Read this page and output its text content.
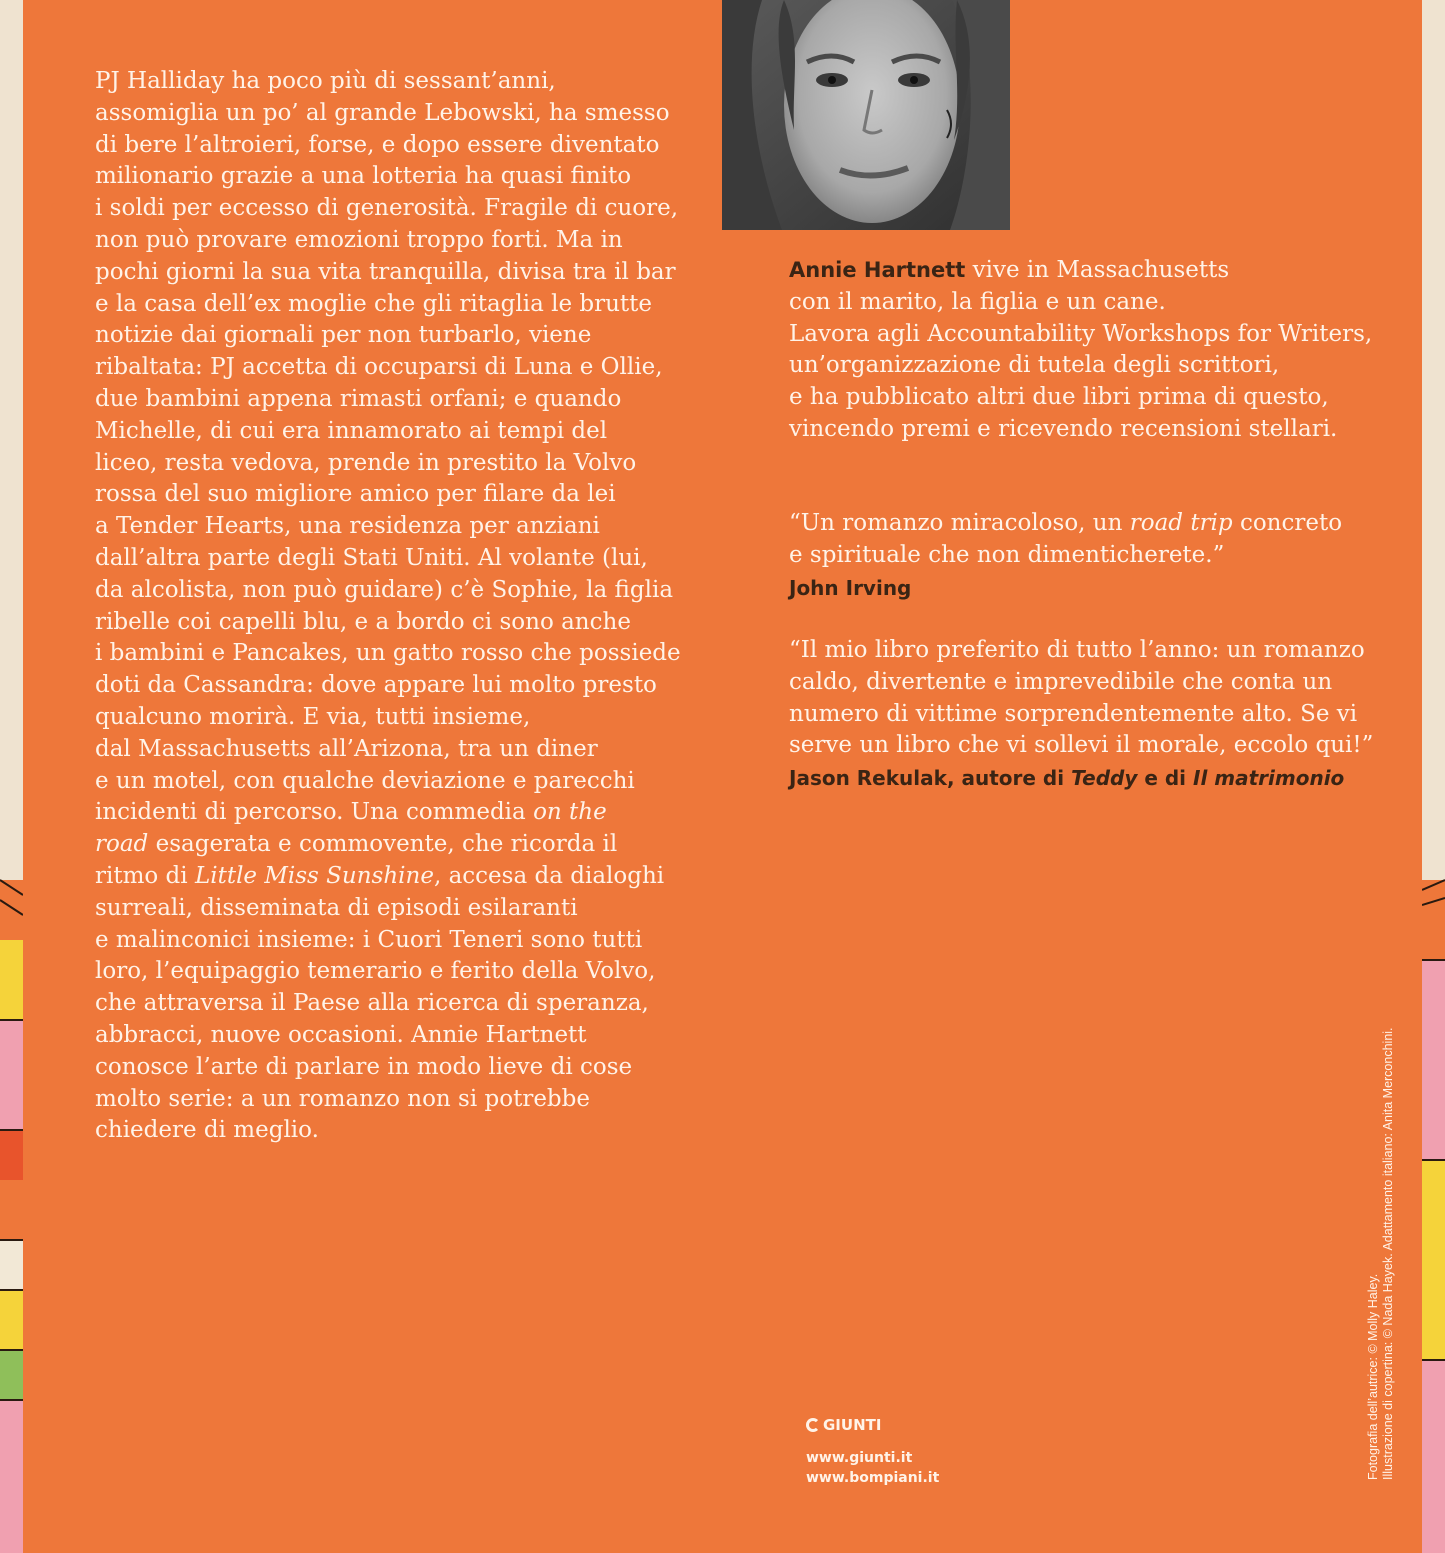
PJ Halliday ha poco più di sessant’anni,

assomiglia un po’ al grande Lebowski, ha smesso

di bere l’altroieri, forse, e dopo essere diventato

milionario grazie a una lotteria ha quasi finito

i soldi per eccesso di generosità. Fragile di cuore,

non può provare emozioni troppo forti. Ma in

pochi giorni la sua vita tranquilla, divisa tra il bar

e la casa dell’ex moglie che gli ritaglia le brutte

notizie dai giornali per non turbarlo, viene

ribaltata: PJ accetta di occuparsi di Luna e Ollie,

due bambini appena rimasti orfani; e quando

Michelle, di cui era innamorato ai tempi del

liceo, resta vedova, prende in prestito la Volvo

rossa del suo migliore amico per filare da lei

a Tender Hearts, una residenza per anziani

dall’altra parte degli Stati Uniti. Al volante (lui,

da alcolista, non può guidare) c’è Sophie, la figlia

ribelle coi capelli blu, e a bordo ci sono anche

i bambini e Pancakes, un gatto rosso che possiede

doti da Cassandra: dove appare lui molto presto

qualcuno morirà. E via, tutti insieme,

dal Massachusetts all’Arizona, tra un diner

e un motel, con qualche deviazione e parecchi

incidenti di percorso. Una commedia on the

road esagerata e commovente, che ricorda il

ritmo di Little Miss Sunshine, accesa da dialoghi

surreali, disseminata di episodi esilaranti

e malinconici insieme: i Cuori Teneri sono tutti

loro, l’equipaggio temerario e ferito della Volvo,

che attraversa il Paese alla ricerca di speranza,

abbracci, nuove occasioni. Annie Hartnett

conosce l’arte di parlare in modo lieve di cose

molto serie: a un romanzo non si potrebbe

chiedere di meglio.

Annie Hartnett vive in Massachusetts

con il marito, la figlia e un cane.

Lavora agli Accountability Workshops for Writers,

un’organizzazione di tutela degli scrittori,

e ha pubblicato altri due libri prima di questo,

vincendo premi e ricevendo recensioni stellari.

“Un romanzo miracoloso, un road trip concreto

e spirituale che non dimenticherete.”

John Irving

“Il mio libro preferito di tutto l’anno: un romanzo

caldo, divertente e imprevedibile che conta un

numero di vittime sorprendentemente alto. Se vi

serve un libro che vi sollevi il morale, eccolo qui!”

Jason Rekulak, autore di Teddy e di Il matrimonio
GIUNTI
www.giunti.it
www.bompiani.it	Fotografia dell’autrice: © Molly Haley. Illustrazione di copertina: © Nada Hayek. Adattamento italiano: Anita Merconchini.
